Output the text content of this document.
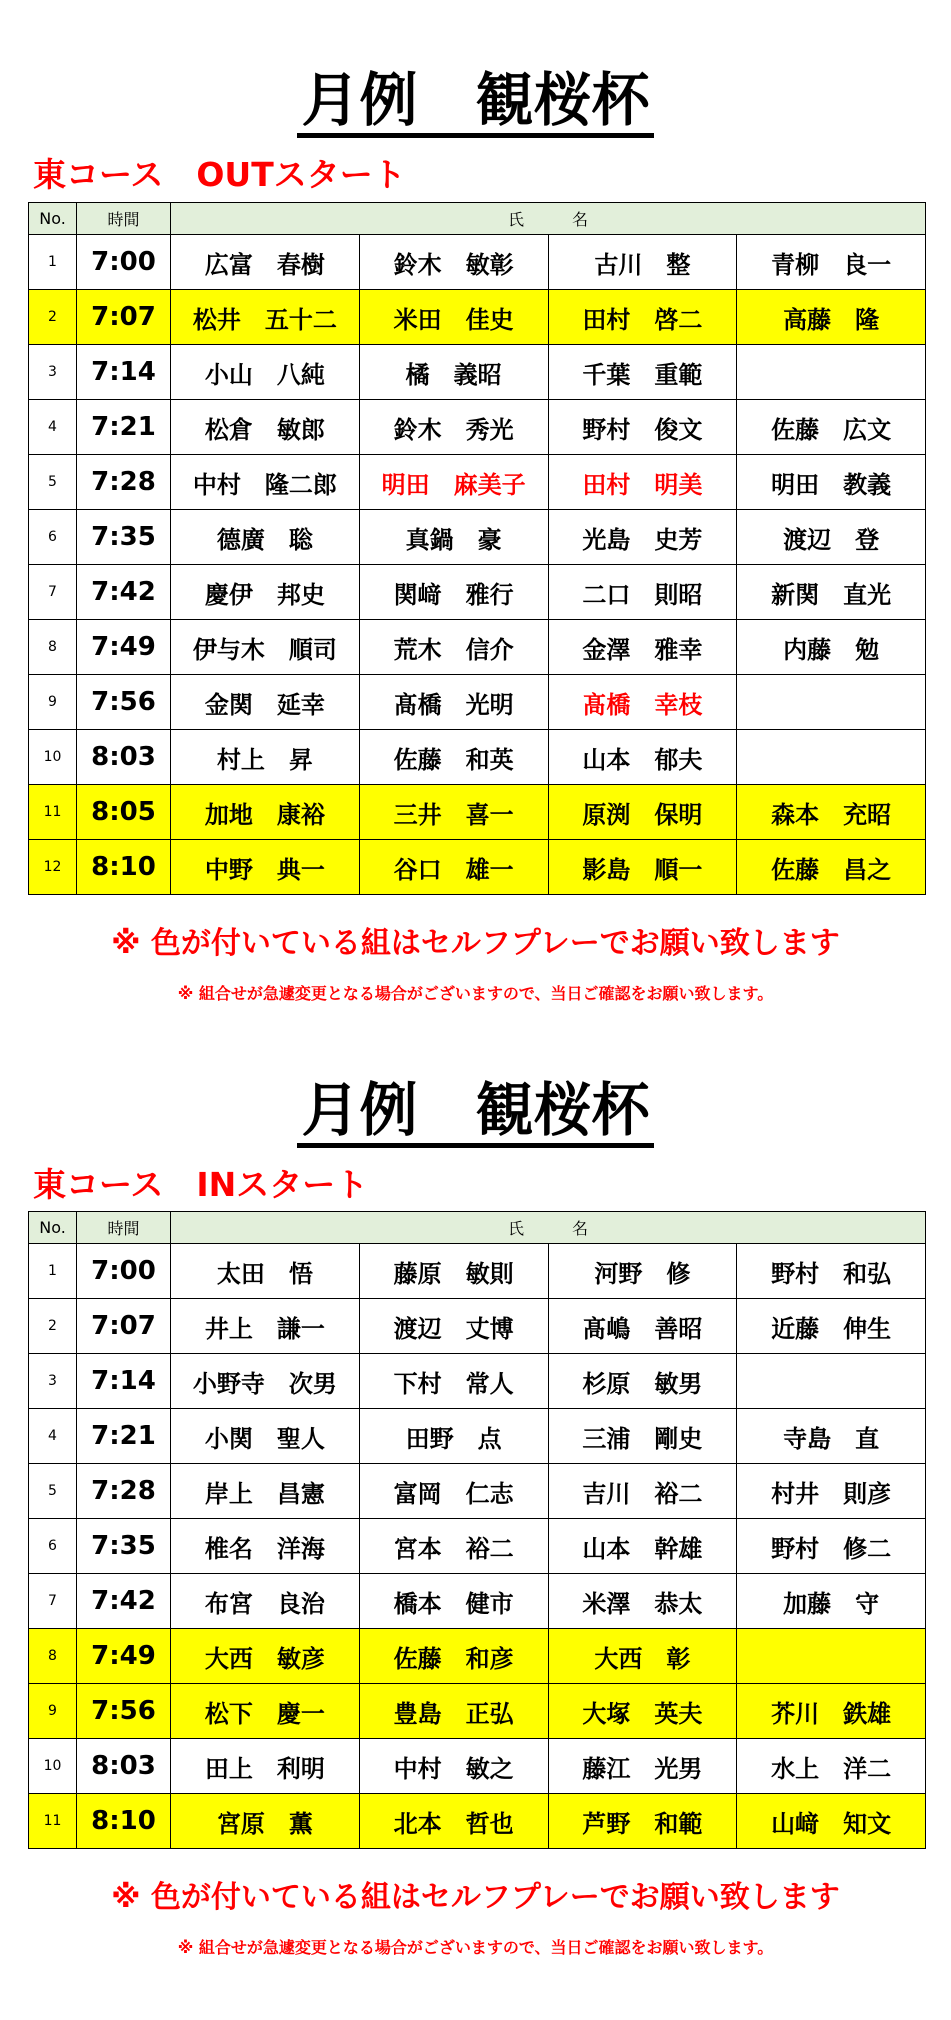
月例　観桜杯
東コース　OUTスタート
No.	時間	氏　　　名			
1	7:00	広富　春樹	鈴木　敏彰	古川　整	青柳　良一
2	7:07	松井　五十二	米田　佳史	田村　啓二	高藤　隆
3	7:14	小山　八純	橘　義昭	千葉　重範	
4	7:21	松倉　敏郎	鈴木　秀光	野村　俊文	佐藤　広文
5	7:28	中村　隆二郎	明田　麻美子	田村　明美	明田　教義
6	7:35	德廣　聡	真鍋　豪	光島　史芳	渡辺　登
7	7:42	慶伊　邦史	関﨑　雅行	二口　則昭	新関　直光
8	7:49	伊与木　順司	荒木　信介	金澤　雅幸	内藤　勉
9	7:56	金関　延幸	髙橋　光明	髙橋　幸枝	
10	8:03	村上　昇	佐藤　和英	山本　郁夫	
11	8:05	加地　康裕	三井　喜一	原渕　保明	森本　充昭
12	8:10	中野　典一	谷口　雄一	影島　順一	佐藤　昌之
※ 色が付いている組はセルフプレーでお願い致します
※ 組合せが急遽変更となる場合がございますので、当日ご確認をお願い致します。
月例　観桜杯
東コース　INスタート
No.	時間	氏　　　名			
1	7:00	太田　悟	藤原　敏則	河野　修	野村　和弘
2	7:07	井上　謙一	渡辺　丈博	髙嶋　善昭	近藤　伸生
3	7:14	小野寺　次男	下村　常人	杉原　敏男	
4	7:21	小関　聖人	田野　点	三浦　剛史	寺島　直
5	7:28	岸上　昌憲	富岡　仁志	吉川　裕二	村井　則彦
6	7:35	椎名　洋海	宮本　裕二	山本　幹雄	野村　修二
7	7:42	布宮　良治	橋本　健市	米澤　恭太	加藤　守
8	7:49	大西　敏彦	佐藤　和彦	大西　彰	
9	7:56	松下　慶一	豊島　正弘	大塚　英夫	芥川　鉄雄
10	8:03	田上　利明	中村　敏之	藤江　光男	水上　洋二
11	8:10	宮原　薫	北本　哲也	芦野　和範	山﨑　知文
※ 色が付いている組はセルフプレーでお願い致します
※ 組合せが急遽変更となる場合がございますので、当日ご確認をお願い致します。
